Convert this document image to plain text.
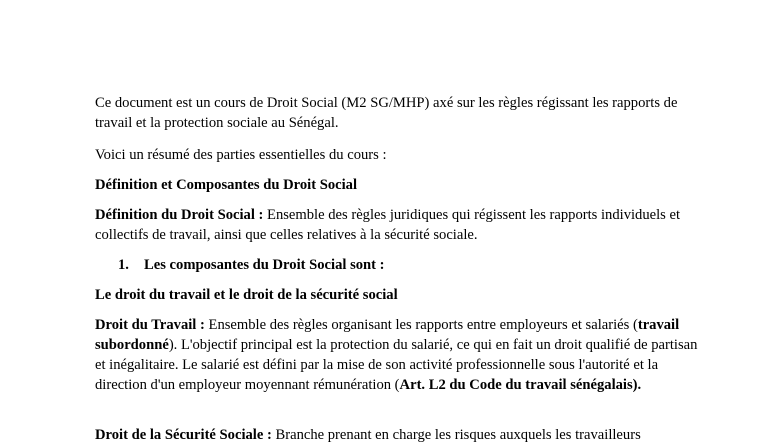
Ce document est un cours de Droit Social (M2 SG/MHP) axé sur les règles régissant les rapports de travail et la protection sociale au Sénégal.

Voici un résumé des parties essentielles du cours :

Définition et Composantes du Droit Social

Définition du Droit Social : Ensemble des règles juridiques qui régissent les rapports individuels et collectifs de travail, ainsi que celles relatives à la sécurité sociale.

1. Les composantes du Droit Social sont :

Le droit du travail et le droit de la sécurité social

Droit du Travail : Ensemble des règles organisant les rapports entre employeurs et salariés (travail subordonné). L'objectif principal est la protection du salarié, ce qui en fait un droit qualifié de partisan et inégalitaire. Le salarié est défini par la mise de son activité professionnelle sous l'autorité et la direction d'un employeur moyennant rémunération (Art. L2 du Code du travail sénégalais).

Droit de la Sécurité Sociale : Branche prenant en charge les risques auxquels les travailleurs
